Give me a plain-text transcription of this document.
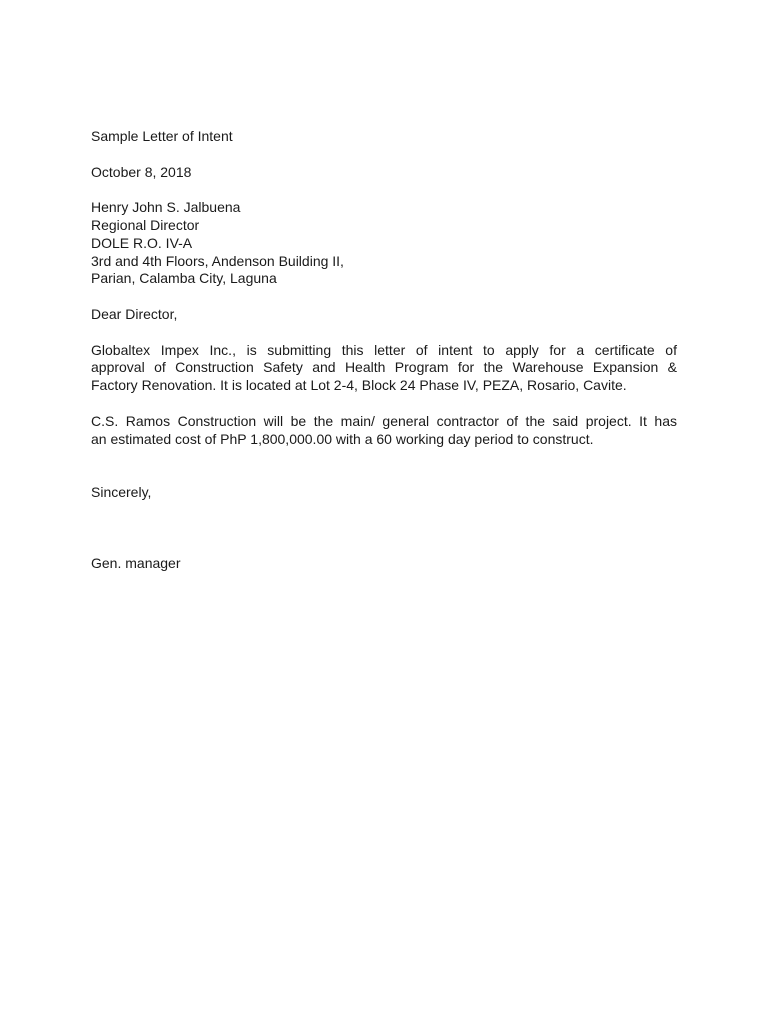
Sample Letter of Intent
October 8, 2018
Henry John S. Jalbuena
Regional Director
DOLE R.O. IV-A
3rd and 4th Floors, Andenson Building II,
Parian, Calamba City, Laguna
Dear Director,
Globaltex Impex Inc., is submitting this letter of intent to apply for a certificate of
approval of Construction Safety and Health Program for the Warehouse Expansion &
Factory Renovation. It is located at Lot 2-4, Block 24 Phase IV, PEZA, Rosario, Cavite.
C.S. Ramos Construction will be the main/ general contractor of the said project. It has
an estimated cost of PhP 1,800,000.00 with a 60 working day period to construct.
Sincerely,
Gen. manager
